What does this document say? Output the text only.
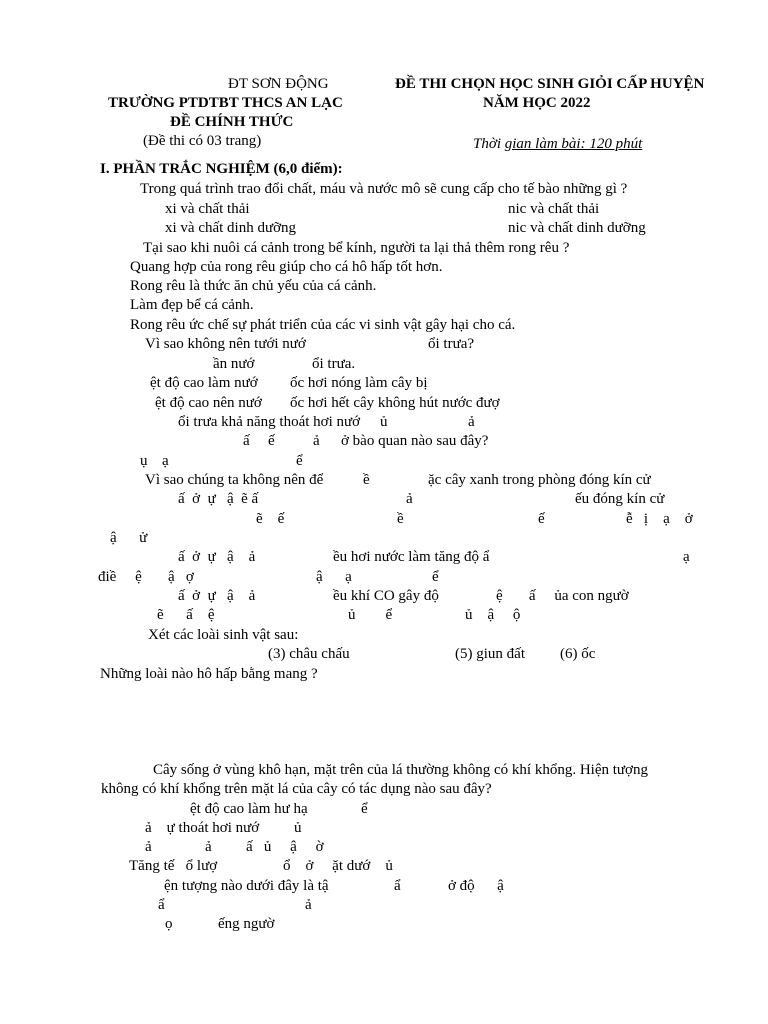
ĐT SƠN ĐỘNG
TRƯỜNG PTDTBT THCS AN LẠC
ĐỀ CHÍNH THỨC
(Đề thi có 03 trang)
ĐỀ THI CHỌN HỌC SINH GIỎI CẤP HUYỆN
NĂM HỌC 2022
Thời gian làm bài: 120 phút
I. PHẦN TRẮC NGHIỆM (6,0 điểm):
Trong quá trình trao đổi chất, máu và nước mô sẽ cung cấp cho tế bào những gì ?
xi và chất thải	nic và chất thải
xi và chất dinh dưỡng	nic và chất dinh dưỡng
Tại sao khi nuôi cá cảnh trong bể kính, người ta lại thả thêm rong rêu ?
Quang hợp của rong rêu giúp cho cá hô hấp tốt hơn.
Rong rêu là thức ăn chủ yếu của cá cảnh.
Làm đẹp bể cá cảnh.
Rong rêu ức chế sự phát triển của các vi sinh vật gây hại cho cá.
Vì sao không nên tưới nướ	ổi trưa?
ần nướ	ổi trưa.
ệt độ cao làm nướ ốc hơi nóng làm cây bị
ệt độ cao nên nướ ốc hơi hết cây không hút nước đượ
ổi trưa khả năng thoát hơi nướ ủ	ả
ấ ế	ả ở bào quan nào sau đây?
ụ ạ	ể
Vì sao chúng ta không nên để	ề	ặc cây xanh trong phòng đóng kín cử
ấ  ở  ự   ậ  ẽ ấ	ả	ếu đóng kín cử
ẽ    ế	ề	ế	ễ   ị    ạ    ở
ậ      ử
ấ  ở  ự   ậ    ả	ều hơi nước làm tăng độ ẩ	ạ
điề     ệ       ậ   ợ	ậ      ạ	ể
ấ  ở  ự   ậ    ả	ều khí CO gây độ	ệ       ấ     ủa con ngườ
ẽ      ấ    ệ	ủ        ể	ủ    ậ     ộ
Xét các loài sinh vật sau:
(3) châu chấu	(5) giun đất (6) ốc
Những loài nào hô hấp bằng mang ?
Cây sống ở vùng khô hạn, mặt trên của lá thường không có khí khổng. Hiện tượng
không có khí khổng trên mặt lá của cây có tác dụng nào sau đây?
ệt độ cao làm hư hạ	ể
ả    ự thoát hơi nướ ủ
ả	ả ấ   ủ     ậ     ờ
Tăng tế   ổ lượ	ổ    ở     ặt dướ    ủ
ện tượng nào dưới đây là tậ	ẩ	ở độ      ậ
ẩ	ả
ọ	ếng ngườ
